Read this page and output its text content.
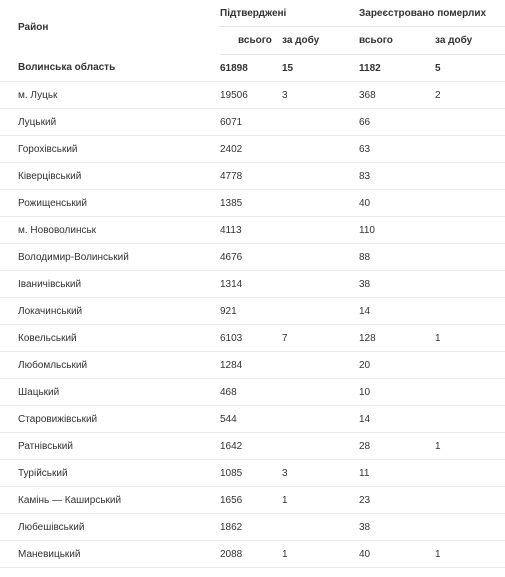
Район	Підтверджені		Зареєстровано померлих	
	всього	за добу	всього	за добу
Волинська область	61898	15	1182	5
м. Луцьк	19506	3	368	2
Луцький	6071		66	
Горохівський	2402		63	
Ківерцівський	4778		83	
Рожищенський	1385		40	
м. Нововолинськ	4113		110	
Володимир-Волинський	4676		88	
Іваничівський	1314		38	
Локачинський	921		14	
Ковельський	6103	7	128	1
Любомльський	1284		20	
Шацький	468		10	
Старовижівський	544		14	
Ратнівський	1642		28	1
Турійський	1085	3	11	
Камінь — Каширський	1656	1	23	
Любешівський	1862		38	
Маневицький	2088	1	40	1
